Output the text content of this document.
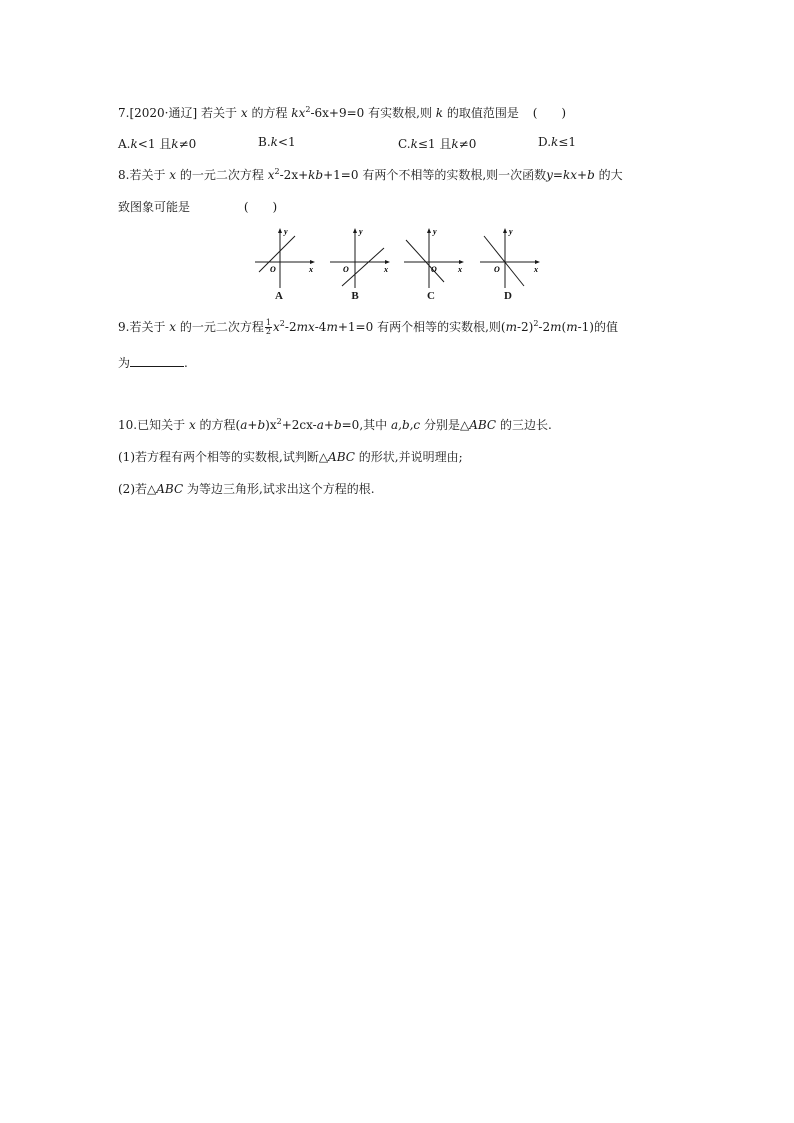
7.[2020·通辽] 若关于 x 的方程 $kx^2-6x+9=0$ 有实数根,则 k 的取值范围是 (　　)
A.k<1 且k≠0	B.k<1	C.k≤1 且k≠0	D.k≤1
8.若关于 x 的一元二次方程 $x^2-2x+kb+1=0$ 有两个不相等的实数根,则一次函数y=kx+b 的大
致图象可能是	(　　)
y
x
O
A
y
x
O
B
y
x
O
C
y
x
O
D
9.若关于 x 的一元二次方程 $\frac{1}{2} x^2-2mx-4m+1=0$ 有两个相等的实数根,则$(m-2)^2-2m(m-1)$的值
为	.
10.已知关于 x 的方程$(a+b)x^2+2cx-a+b=0$,其中 a,b,c 分别是△ABC 的三边长.
(1)若方程有两个相等的实数根,试判断△ABC 的形状,并说明理由;
(2)若△ABC 为等边三角形,试求出这个方程的根.
